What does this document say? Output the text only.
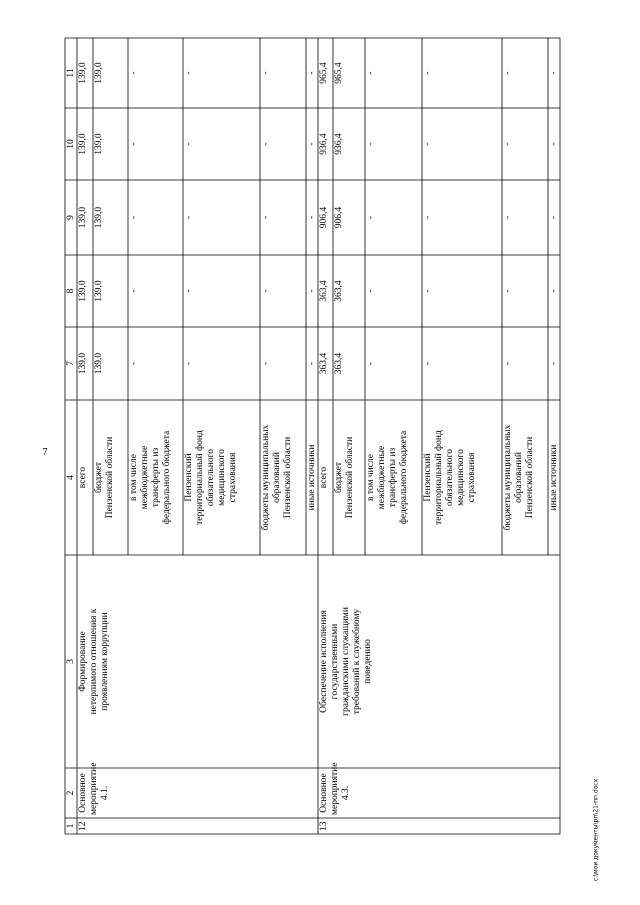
7
1
2
3
4
7
8
9
10
11
12
Основное
мероприятие 4.1.
Формирование
нетерпимого отношения к
проявлениям коррупции
всего
139,0
139,0
139,0
139,0
139,0
бюджет
Пензенской области
139,0
139,0
139,0
139,0
139,0
в том числе
межбюджетные
трансферты из
федерального бюджета
-
-
-
-
-
Пензенский
территориальный фонд
обязательного
медицинского
страхования
-
-
-
-
-
бюджеты муниципальных
образований
Пензенской области
-
-
-
-
-
иные источники
-
-
-
-
-
13
Основное
мероприятие 4.3.
Обеспечение исполнения
государственными
гражданскими служащими
требований к служебному
поведению
всего
363,4
363,4
906,4
936,4
965,4
бюджет
Пензенской области
363,4
363,4
906,4
936,4
965,4
в том числе
межбюджетные
трансферты из
федерального бюджета
-
-
-
-
-
Пензенский
территориальный фонд
обязательного
медицинского
страхования
-
-
-
-
-
бюджеты муниципальных
образований
Пензенской области
-
-
-
-
-
иные источники
-
-
-
-
-
c:\мои документы\рп\21-пп.docx
